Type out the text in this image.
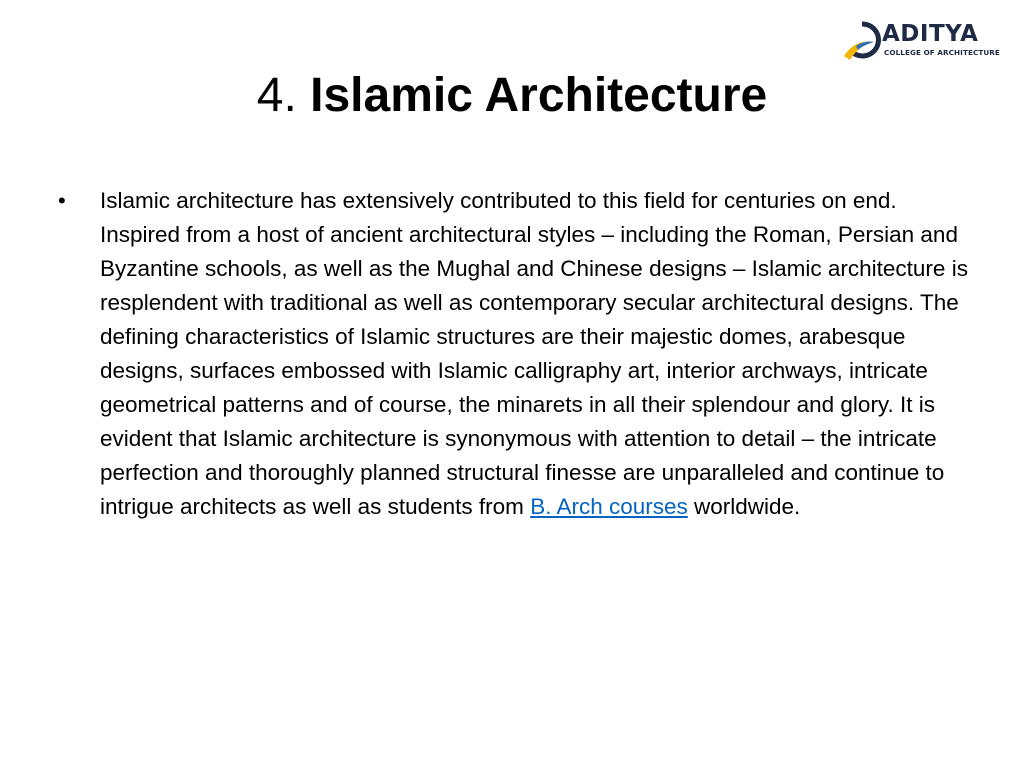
ADITYA
COLLEGE OF ARCHITECTURE
4. Islamic Architecture
• Islamic architecture has extensively contributed to this field for centuries on end. Inspired from a host of ancient architectural styles – including the Roman, Persian and Byzantine schools, as well as the Mughal and Chinese designs – Islamic architecture is resplendent with traditional as well as contemporary secular architectural designs. The defining characteristics of Islamic structures are their majestic domes, arabesque designs, surfaces embossed with Islamic calligraphy art, interior archways, intricate geometrical patterns and of course, the minarets in all their splendour and glory. It is evident that Islamic architecture is synonymous with attention to detail – the intricate perfection and thoroughly planned structural finesse are unparalleled and continue to intrigue architects as well as students from B. Arch courses worldwide.
